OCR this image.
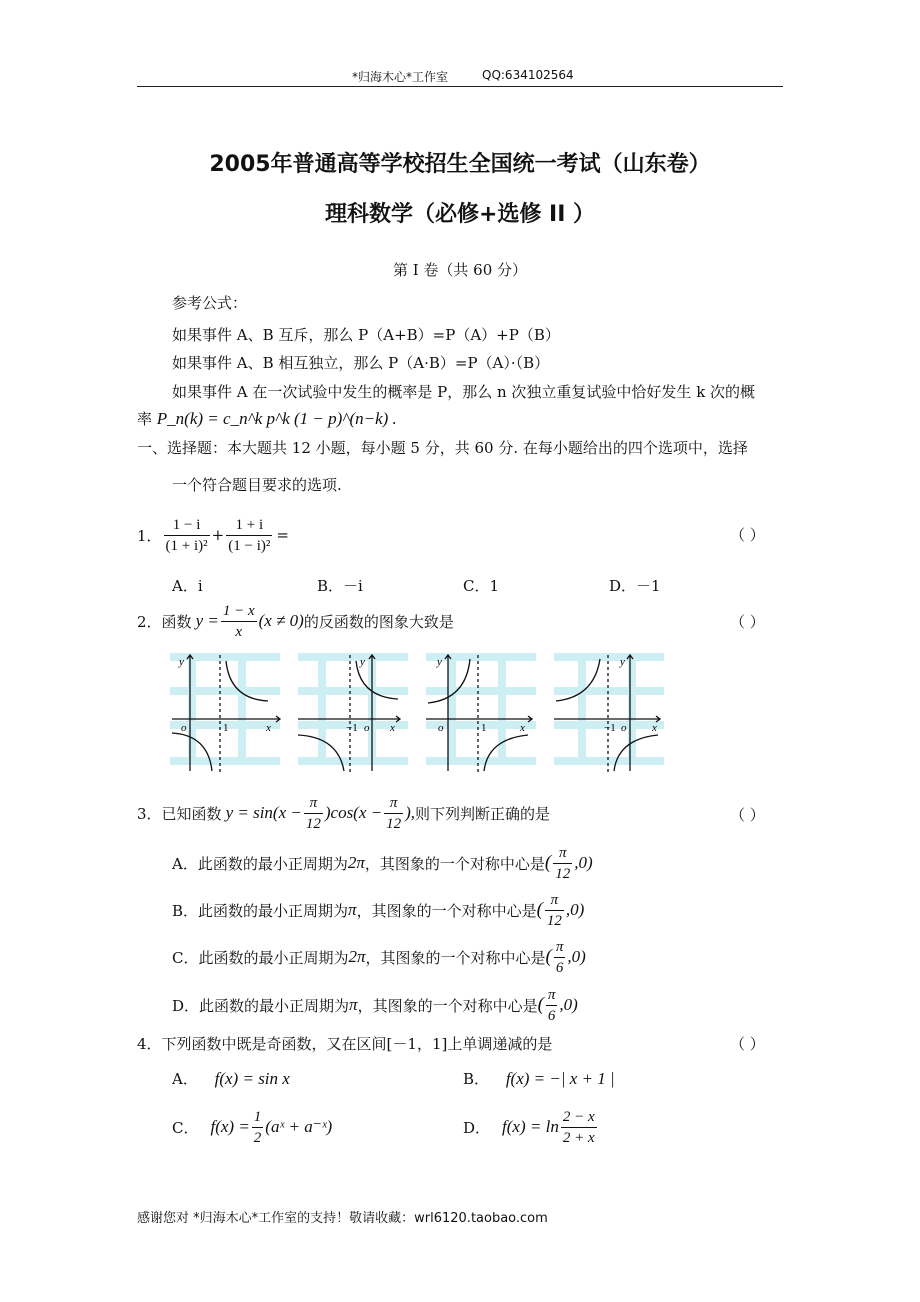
*归海木心*工作室	QQ:634102564
2005年普通高等学校招生全国统一考试（山东卷）
理科数学（必修+选修 II ）
第 I 卷（共 60 分）
参考公式：
如果事件 A、B 互斥，那么 P（A+B）=P（A）+P（B）
如果事件 A、B 相互独立，那么 P（A·B）=P（A）·（B）
如果事件 A 在一次试验中发生的概率是 P，那么 n 次独立重复试验中恰好发生 k 次的概
率 P_n(k) = c_n^k p^k (1 − p)^(n−k) .
一、选择题：本大题共 12 小题，每小题 5 分，共 60 分. 在每小题给出的四个选项中，选择
一个符合题目要求的选项.
1． $\frac{1 - i}{\text{(1 + i)²}} + \frac{1 + i}{\text{(1 − i)²}}$ =	（ ）
A．i	B．－i	C．1	D．－1
2． 函数 $y = \frac{1 - x}{x} (x \ne 0)$ 的反函数的图象大致是	（ ）
y
o	1	x
y
−1 o x
y
o	1	x
y
−1 o x
3． 已知函数 $y = \sin(x - \frac{\pi}{12} )\cos(x - \frac{\pi}{12}$ ), 则下列判断正确的是	（ ）
A．此函数的最小正周期为 2π ，其图象的一个对称中心是 ( $\frac{\pi}{12} ,0$)
B．此函数的最小正周期为 π ，其图象的一个对称中心是 ( $\frac{\pi}{12} ,0$)
C．此函数的最小正周期为 2π ，其图象的一个对称中心是 ( $\frac{\pi}{6} ,0$)
D．此函数的最小正周期为 π ，其图象的一个对称中心是 ( $\frac{\pi}{6} ,0$)
4．下列函数中既是奇函数，又在区间[－1，1]上单调递减的是	（ ）
A． f(x) = sin x	B． f(x) = −| x + 1 |
C． $f(x) = \frac{1}{2}$ (aˣ + a⁻ˣ)	D． $f(x) = \ln \frac{2 - x}{2 + x}$
感谢您对 *归海木心*工作室的支持！敬请收藏：wrl6120.taobao.com
